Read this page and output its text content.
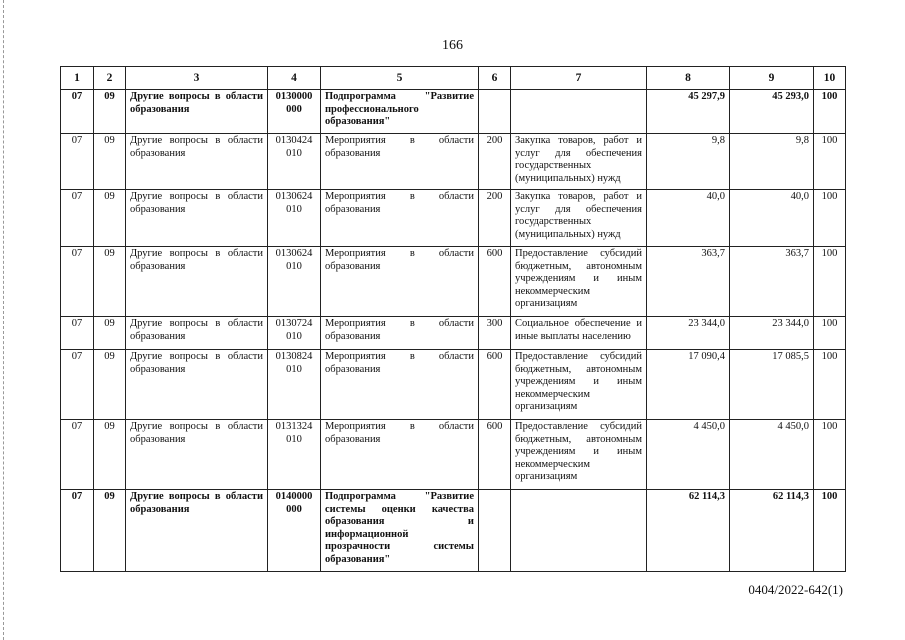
166
1	2	3	4	5	6	7	8	9	10
07	09	Другие вопросы в области образования	0130000 000	Подпрограмма "Развитие профессионального образования"			45 297,9	45 293,0	100
07	09	Другие вопросы в области образования	0130424 010	Мероприятия в области образования	200	Закупка товаров, работ и услуг для обеспечения государственных (муниципальных) нужд	9,8	9,8	100
07	09	Другие вопросы в области образования	0130624 010	Мероприятия в области образования	200	Закупка товаров, работ и услуг для обеспечения государственных (муниципальных) нужд	40,0	40,0	100
07	09	Другие вопросы в области образования	0130624 010	Мероприятия в области образования	600	Предоставление субсидий бюджетным, автономным учреждениям и иным некоммерческим организациям	363,7	363,7	100
07	09	Другие вопросы в области образования	0130724 010	Мероприятия в области образования	300	Социальное обеспечение и иные выплаты населению	23 344,0	23 344,0	100
07	09	Другие вопросы в области образования	0130824 010	Мероприятия в области образования	600	Предоставление субсидий бюджетным, автономным учреждениям и иным некоммерческим организациям	17 090,4	17 085,5	100
07	09	Другие вопросы в области образования	0131324 010	Мероприятия в области образования	600	Предоставление субсидий бюджетным, автономным учреждениям и иным некоммерческим организациям	4 450,0	4 450,0	100
07	09	Другие вопросы в области образования	0140000 000	Подпрограмма "Развитие системы оценки качества образования и информационной прозрачности системы образования"			62 114,3	62 114,3	100
0404/2022-642(1)
